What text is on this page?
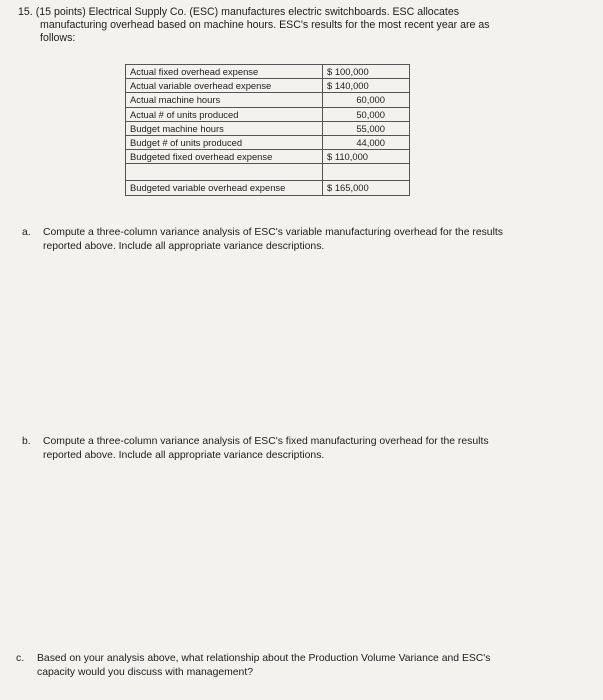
15. (15 points) Electrical Supply Co. (ESC) manufactures electric switchboards. ESC allocates
manufacturing overhead based on machine hours. ESC's results for the most recent year are as
follows:
Actual fixed overhead expense	$ 100,000
Actual variable overhead expense	$ 140,000
Actual machine hours	60,000
Actual # of units produced	50,000
Budget machine hours	55,000
Budget # of units produced	44,000
Budgeted fixed overhead expense	$ 110,000

Budgeted variable overhead expense	$ 165,000
a.	Compute a three-column variance analysis of ESC's variable manufacturing overhead for the results
reported above. Include all appropriate variance descriptions.
b.	Compute a three-column variance analysis of ESC's fixed manufacturing overhead for the results
reported above. Include all appropriate variance descriptions.
c.	Based on your analysis above, what relationship about the Production Volume Variance and ESC's
capacity would you discuss with management?
